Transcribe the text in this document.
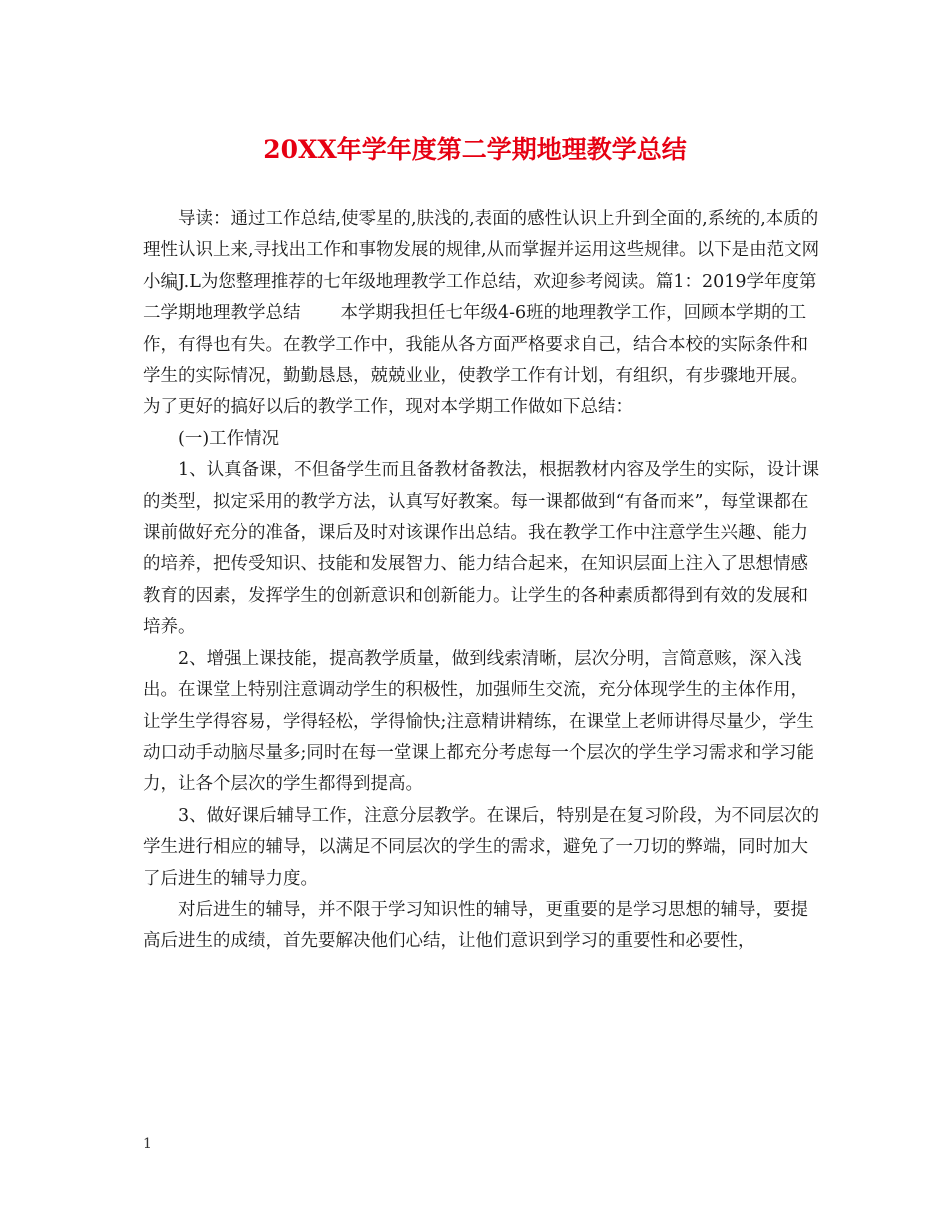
20XX年学年度第二学期地理教学总结

导读：通过工作总结,使零星的,肤浅的,表面的感性认识上升到全面的,系统的,本质的理性认识上来,寻找出工作和事物发展的规律,从而掌握并运用这些规律。以下是由范文网小编J.L为您整理推荐的七年级地理教学工作总结，欢迎参考阅读。篇1：2019学年度第二学期地理教学总结 本学期我担任七年级4-6班的地理教学工作，回顾本学期的工作，有得也有失。在教学工作中，我能从各方面严格要求自己，结合本校的实际条件和学生的实际情况，勤勤恳恳，兢兢业业，使教学工作有计划，有组织，有步骤地开展。为了更好的搞好以后的教学工作，现对本学期工作做如下总结：

(一)工作情况

1、认真备课，不但备学生而且备教材备教法，根据教材内容及学生的实际，设计课的类型，拟定采用的教学方法，认真写好教案。每一课都做到“有备而来”，每堂课都在课前做好充分的准备，课后及时对该课作出总结。我在教学工作中注意学生兴趣、能力的培养，把传受知识、技能和发展智力、能力结合起来，在知识层面上注入了思想情感教育的因素，发挥学生的创新意识和创新能力。让学生的各种素质都得到有效的发展和培养。

2、增强上课技能，提高教学质量，做到线索清晰，层次分明，言简意赅，深入浅出。在课堂上特别注意调动学生的积极性，加强师生交流，充分体现学生的主体作用，让学生学得容易，学得轻松，学得愉快;注意精讲精练，在课堂上老师讲得尽量少，学生动口动手动脑尽量多;同时在每一堂课上都充分考虑每一个层次的学生学习需求和学习能力，让各个层次的学生都得到提高。

3、做好课后辅导工作，注意分层教学。在课后，特别是在复习阶段，为不同层次的学生进行相应的辅导，以满足不同层次的学生的需求，避免了一刀切的弊端，同时加大了后进生的辅导力度。

对后进生的辅导，并不限于学习知识性的辅导，更重要的是学习思想的辅导，要提高后进生的成绩，首先要解决他们心结，让他们意识到学习的重要性和必要性，

1
